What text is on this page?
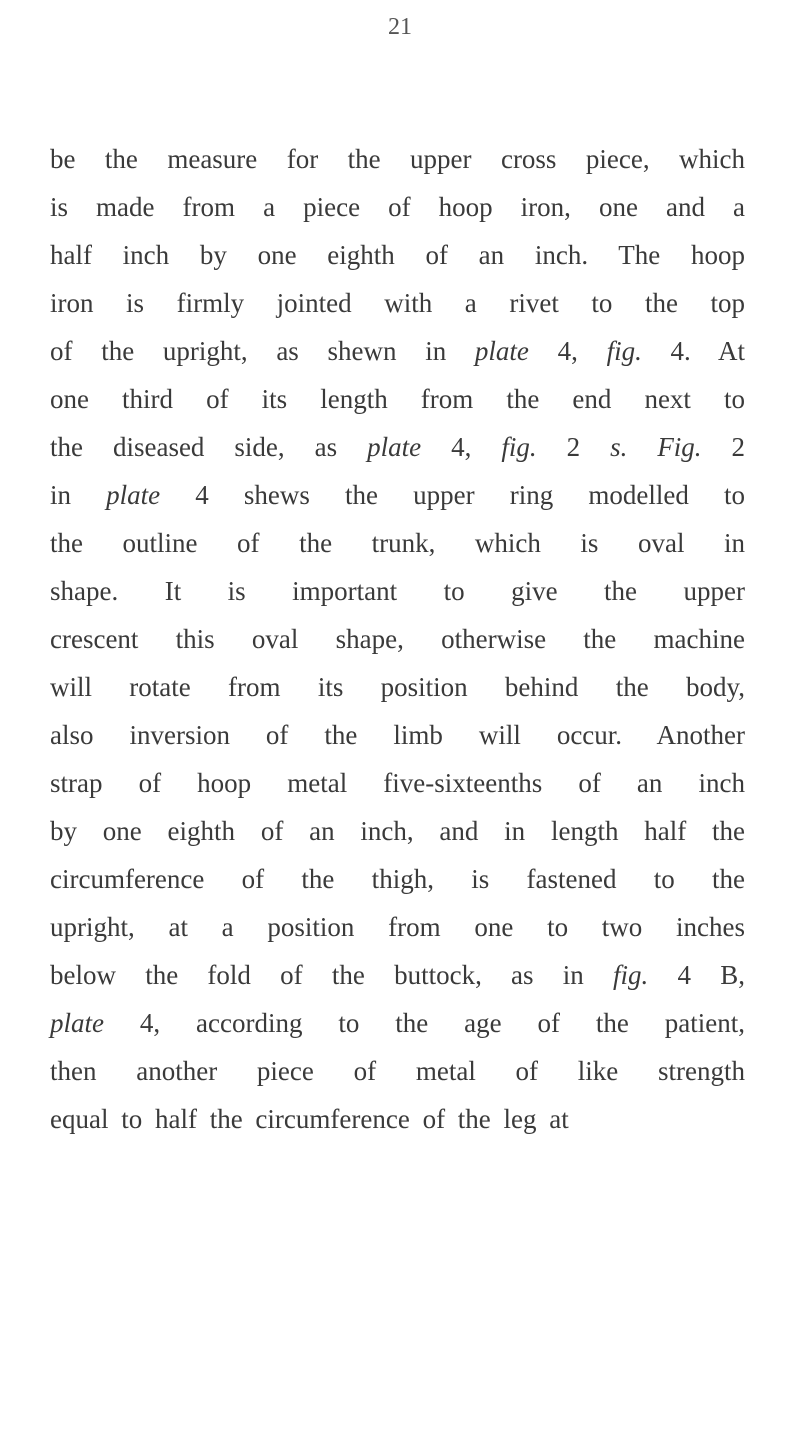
21
be the measure for the upper cross piece, which
is made from a piece of hoop iron, one and a
half inch by one eighth of an inch. The hoop
iron is firmly jointed with a rivet to the top
of the upright, as shewn in plate 4, fig. 4. At
one third of its length from the end next to
the diseased side, as plate 4, fig. 2 s. Fig. 2
in plate 4 shews the upper ring modelled to
the outline of the trunk, which is oval in
shape. It is important to give the upper
crescent this oval shape, otherwise the machine
will rotate from its position behind the body,
also inversion of the limb will occur. Another
strap of hoop metal five-sixteenths of an inch
by one eighth of an inch, and in length half the
circumference of the thigh, is fastened to the
upright, at a position from one to two inches
below the fold of the buttock, as in fig. 4 B,
plate 4, according to the age of the patient,
then another piece of metal of like strength
equal to half the circumference of the leg at
